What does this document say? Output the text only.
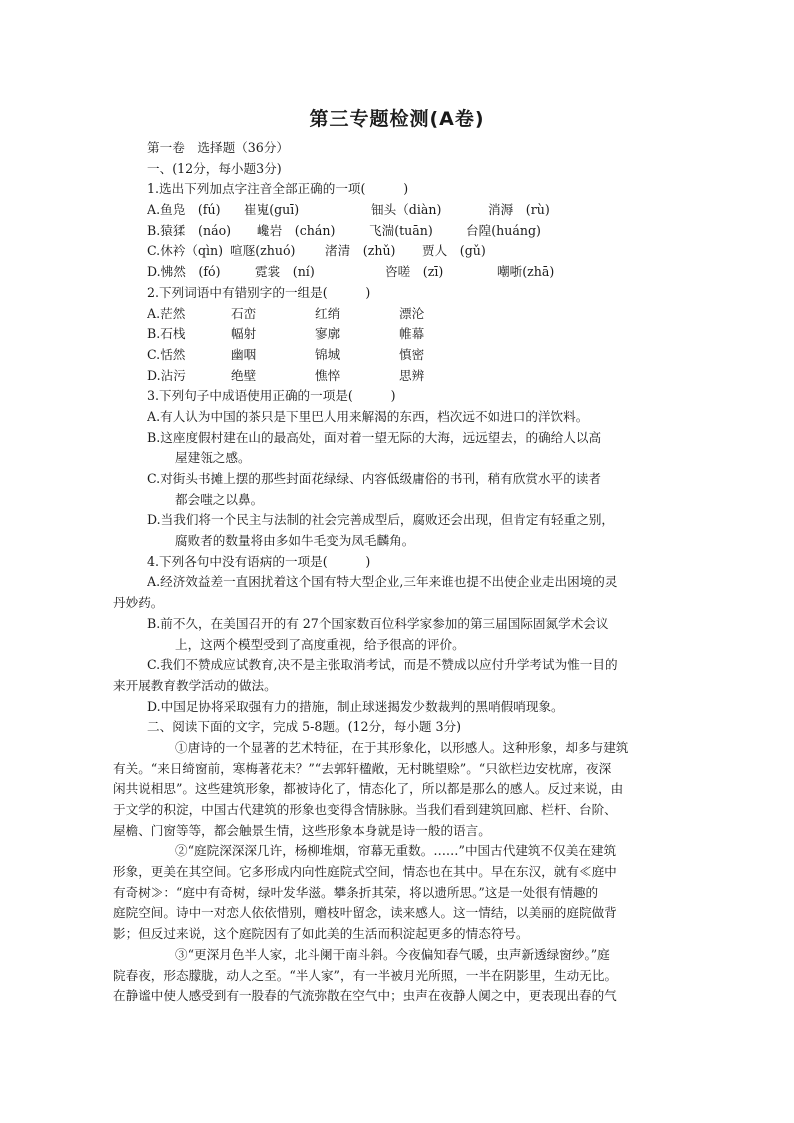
第三专题检测(A卷)
第一卷　选择题（36分）
一、(12分，每小题3分)
1.选出下列加点字注音全部正确的一项(　　　)
A.鱼凫　(fú) 崔嵬(guī)	钿头（diàn)	消溽　(rù)
B.猿猱　(náo) 巉岩　(chán)	飞湍(tuān)	台隍(huáng)
C.休衿（qìn) 喧豗(zhuó) 渚清　(zhǔ) 贾人　(gǔ)
D.怫然　(fó)	霓裳　(ní)	咨嗟　(zī)	嘲哳(zhā)
2.下列词语中有错别字的一组是(　　　)
A.茫然	石峦	红绡	漂沦
B.石栈	幅射	寥廓	帷幕
C.恬然	幽咽	锦城	慎密
D.沾污	绝壁	憔悴	思辨
3.下列句子中成语使用正确的一项是(　　　)
A.有人认为中国的茶只是下里巴人用来解渴的东西，档次远不如进口的洋饮料。
B.这座度假村建在山的最高处，面对着一望无际的大海，远远望去，的确给人以高
屋建瓴之感。
C.对街头书摊上摆的那些封面花绿绿、内容低级庸俗的书刊，稍有欣赏水平的读者
都会嗤之以鼻。
D.当我们将一个民主与法制的社会完善成型后，腐败还会出现，但肯定有轻重之别，
腐败者的数量将由多如牛毛变为凤毛麟角。
4.下列各句中没有语病的一项是(　　　)
A.经济效益差一直困扰着这个国有特大型企业,三年来谁也提不出使企业走出困境的灵
丹妙药。
B.前不久，在美国召开的有 27个国家数百位科学家参加的第三届国际固氮学术会议
上，这两个模型受到了高度重视，给予很高的评价。
C.我们不赞成应试教育,决不是主张取消考试，而是不赞成以应付升学考试为惟一目的
来开展教育教学活动的做法。
D.中国足协将采取强有力的措施，制止球迷揭发少数裁判的黑哨假哨现象。
二、阅读下面的文字，完成 5-8题。(12分，每小题 3分)
①唐诗的一个显著的艺术特征，在于其形象化，以形感人。这种形象，却多与建筑
有关。“来日绮窗前，寒梅著花未？”“去郭轩楹敞，无村眺望赊”。“只欲栏边安枕席，夜深
闲共说相思”。这些建筑形象，都被诗化了，情态化了，所以都是那么的感人。反过来说，由
于文学的积淀，中国古代建筑的形象也变得含情脉脉。当我们看到建筑回廊、栏杆、台阶、
屋檐、门窗等等，都会触景生情，这些形象本身就是诗一般的语言。
②“庭院深深深几许，杨柳堆烟，帘幕无重数。……”中国古代建筑不仅美在建筑
形象，更美在其空间。它多形成内向性庭院式空间，情态也在其中。早在东汉，就有≪庭中
有奇树≫：“庭中有奇树，绿叶发华滋。攀条折其荣，将以遗所思。”这是一处很有情趣的
庭院空间。诗中一对恋人依依惜别，赠枝叶留念，读来感人。这一情结，以美丽的庭院做背
影；但反过来说，这个庭院因有了如此美的生活而积淀起更多的情态符号。
③“更深月色半人家，北斗阑干南斗斜。今夜偏知春气暖，虫声新透绿窗纱。”庭
院春夜，形态朦胧，动人之至。“半人家”，有一半被月光所照，一半在阴影里，生动无比。
在静谧中使人感受到有一股春的气流弥散在空气中；虫声在夜静人阒之中，更表现出春的气
